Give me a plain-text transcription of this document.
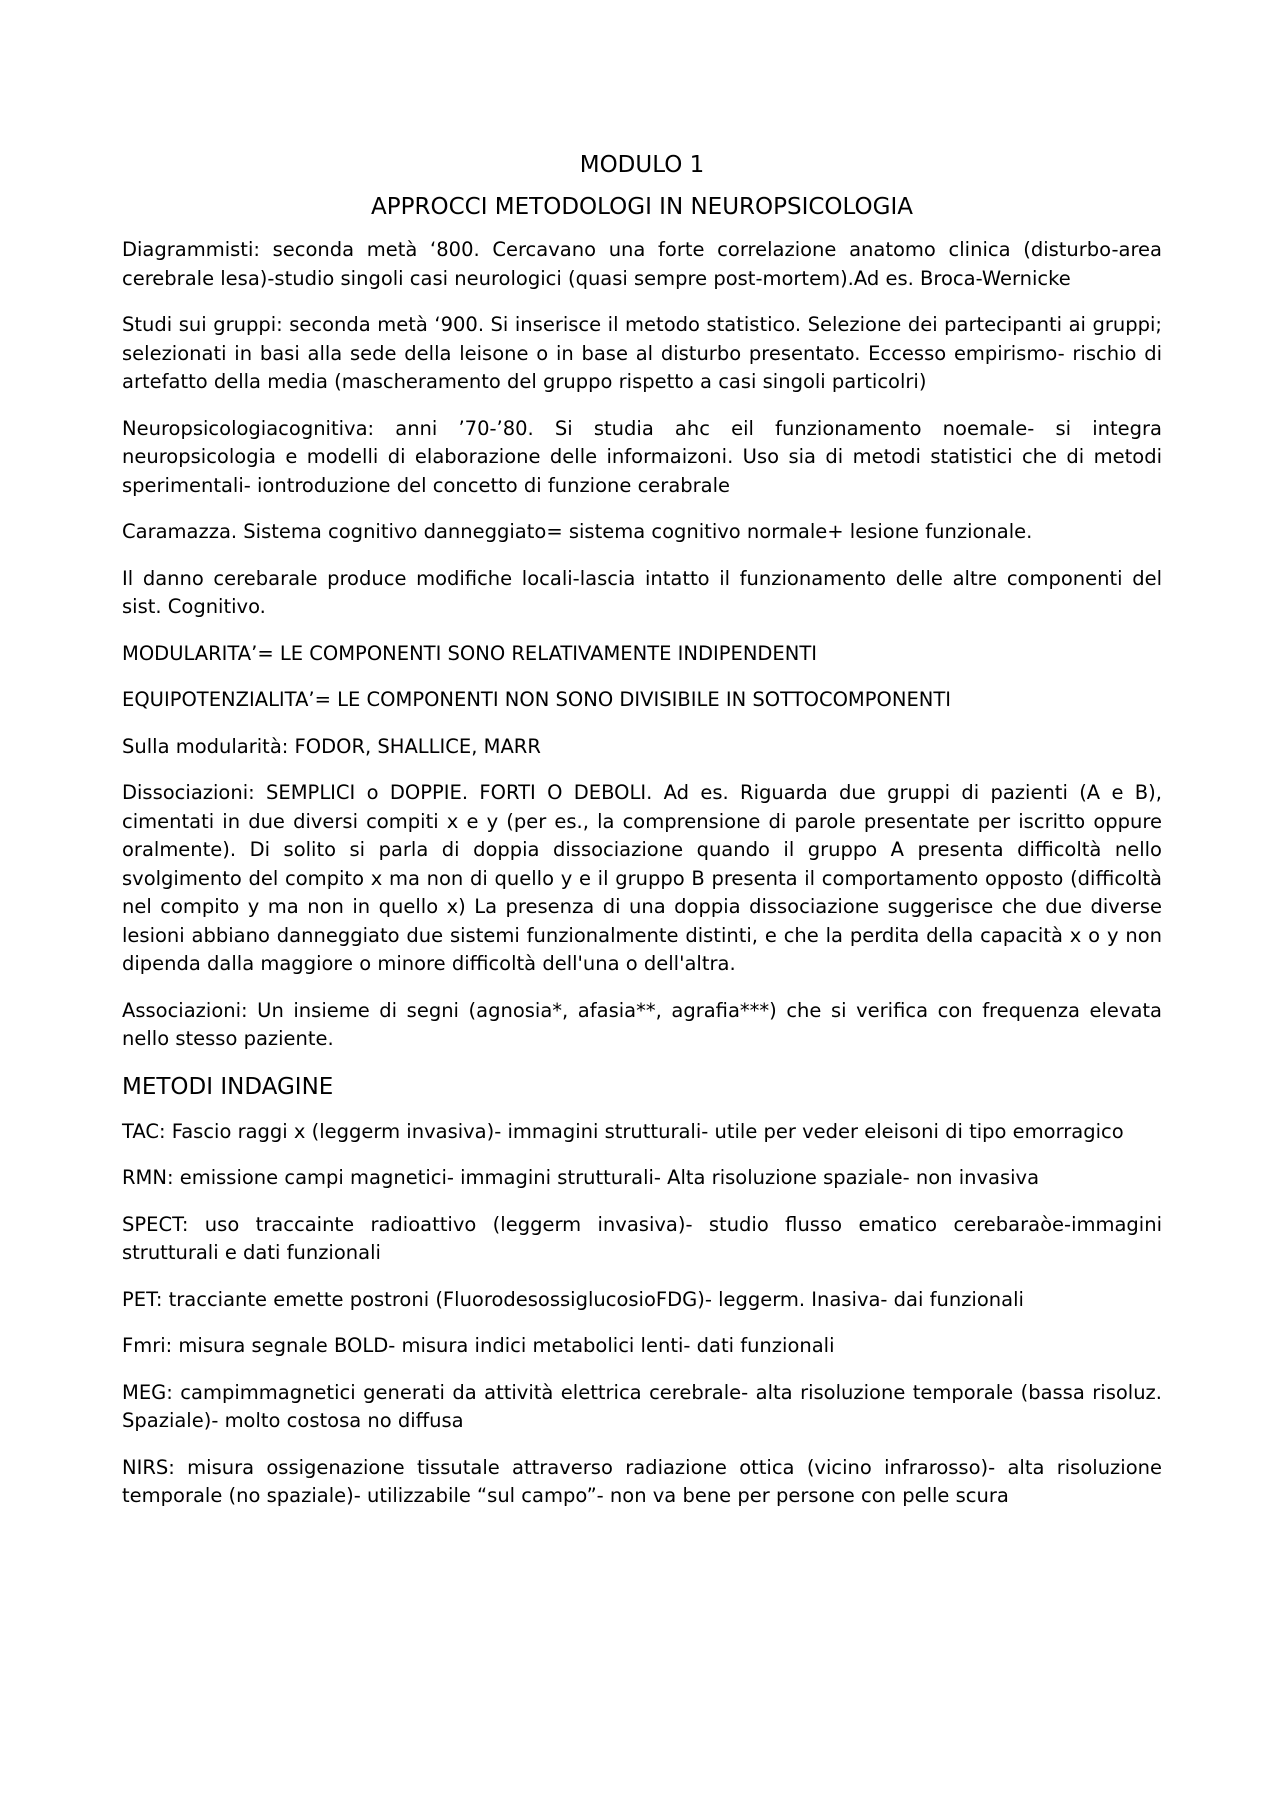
MODULO 1
APPROCCI METODOLOGI IN NEUROPSICOLOGIA

Diagrammisti: seconda metà ‘800. Cercavano una forte correlazione anatomo clinica (disturbo-area cerebrale lesa)-studio singoli casi neurologici (quasi sempre post-mortem).Ad es. Broca-Wernicke

Studi sui gruppi: seconda metà ‘900. Si inserisce il metodo statistico. Selezione dei partecipanti ai gruppi; selezionati in basi alla sede della leisone o in base al disturbo presentato. Eccesso empirismo- rischio di artefatto della media (mascheramento del gruppo rispetto a casi singoli particolri)

Neuropsicologiacognitiva: anni ’70-’80. Si studia ahc eil funzionamento noemale- si integra neuropsicologia e modelli di elaborazione delle informaizoni. Uso sia di metodi statistici che di metodi sperimentali- iontroduzione del concetto di funzione cerabrale

Caramazza. Sistema cognitivo danneggiato= sistema cognitivo normale+ lesione funzionale.

Il danno cerebarale produce modifiche locali-lascia intatto il funzionamento delle altre componenti del sist. Cognitivo.

MODULARITA’= LE COMPONENTI SONO RELATIVAMENTE INDIPENDENTI

EQUIPOTENZIALITA’= LE COMPONENTI NON SONO DIVISIBILE IN SOTTOCOMPONENTI

Sulla modularità: FODOR, SHALLICE, MARR

Dissociazioni: SEMPLICI o DOPPIE. FORTI O DEBOLI. Ad es. Riguarda due gruppi di pazienti (A e B), cimentati in due diversi compiti x e y (per es., la comprensione di parole presentate per iscritto oppure oralmente). Di solito si parla di doppia dissociazione quando il gruppo A presenta difficoltà nello svolgimento del compito x ma non di quello y e il gruppo B presenta il comportamento opposto (difficoltà nel compito y ma non in quello x) La presenza di una doppia dissociazione suggerisce che due diverse lesioni abbiano danneggiato due sistemi funzionalmente distinti, e che la perdita della capacità x o y non dipenda dalla maggiore o minore difficoltà dell'una o dell'altra.

Associazioni: Un insieme di segni (agnosia*, afasia**, agrafia***) che si verifica con frequenza elevata nello stesso paziente.

METODI INDAGINE

TAC: Fascio raggi x (leggerm invasiva)- immagini strutturali- utile per veder eleisoni di tipo emorragico

RMN: emissione campi magnetici- immagini strutturali- Alta risoluzione spaziale- non invasiva

SPECT: uso traccainte radioattivo (leggerm invasiva)- studio flusso ematico cerebaraòe-immagini strutturali e dati funzionali

PET: tracciante emette postroni (FluorodesossiglucosioFDG)- leggerm. Inasiva- dai funzionali

Fmri: misura segnale BOLD- misura indici metabolici lenti- dati funzionali

MEG: campimmagnetici generati da attività elettrica cerebrale- alta risoluzione temporale (bassa risoluz. Spaziale)- molto costosa no diffusa

NIRS: misura ossigenazione tissutale attraverso radiazione ottica (vicino infrarosso)- alta risoluzione temporale (no spaziale)- utilizzabile “sul campo”- non va bene per persone con pelle scura
